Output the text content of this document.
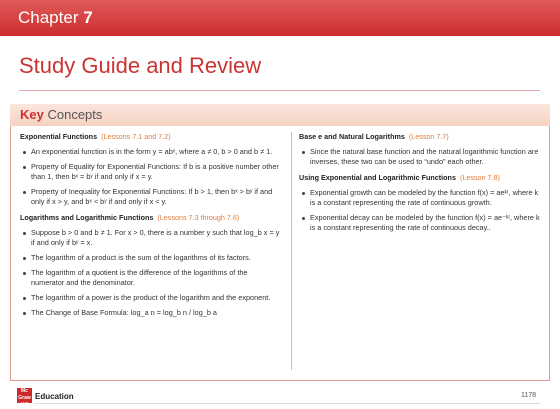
Chapter 7
Study Guide and Review
Key Concepts
Exponential Functions (Lessons 7.1 and 7.2)
An exponential function is in the form y = abˣ, where a ≠ 0, b > 0 and b ≠ 1.
Property of Equality for Exponential Functions: If b is a positive number other than 1, then bˣ = bʸ if and only if x = y.
Property of Inequality for Exponential Functions: If b > 1, then bˣ > bʸ if and only if x > y, and bˣ < bʸ if and only if x < y.
Logarithms and Logarithmic Functions (Lessons 7.3 through 7.6)
Suppose b > 0 and b ≠ 1. For x > 0, there is a number y such that log_b x = y if and only if bʸ = x.
The logarithm of a product is the sum of the logarithms of its factors.
The logarithm of a quotient is the difference of the logarithms of the numerator and the denominator.
The logarithm of a power is the product of the logarithm and the exponent.
The Change of Base Formula: log_a n = log_b n / log_b a
Base e and Natural Logarithms (Lesson 7.7)
Since the natural base function and the natural logarithmic function are inverses, these two can be used to “undo” each other.
Using Exponential and Logarithmic Functions (Lesson 7.8)
Exponential growth can be modeled by the function f(x) = aeᵏᵗ, where k is a constant representing the rate of continuous growth.
Exponential decay can be modeled by the function f(x) = ae⁻ᵏᵗ, where k is a constant representing the rate of continuous decay..
Mc Graw Hill
Education	1178
